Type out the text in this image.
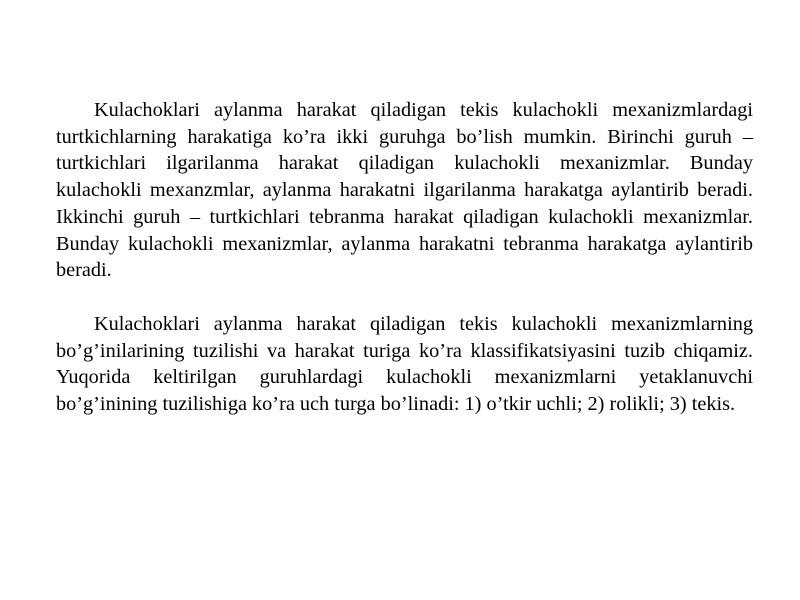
Kulachoklari aylanma harakat qiladigan tekis kulachokli mexanizmlardagi turtkichlarning harakatiga ko’ra ikki guruhga bo’lish mumkin. Birinchi guruh – turtkichlari ilgarilanma harakat qiladigan kulachokli mexanizmlar. Bunday kulachokli mexanzmlar, aylanma harakatni ilgarilanma harakatga aylantirib beradi. Ikkinchi guruh – turtkichlari tebranma harakat qiladigan kulachokli mexanizmlar. Bunday kulachokli mexanizmlar, aylanma harakatni tebranma harakatga aylantirib beradi.

Kulachoklari aylanma harakat qiladigan tekis kulachokli mexanizmlarning bo’g’inilarining tuzilishi va harakat turiga ko’ra klassifikatsiyasini tuzib chiqamiz. Yuqorida keltirilgan guruhlardagi kulachokli mexanizmlarni yetaklanuvchi bo’g’inining tuzilishiga ko’ra uch turga bo’linadi: 1) o’tkir uchli; 2) rolikli; 3) tekis.
